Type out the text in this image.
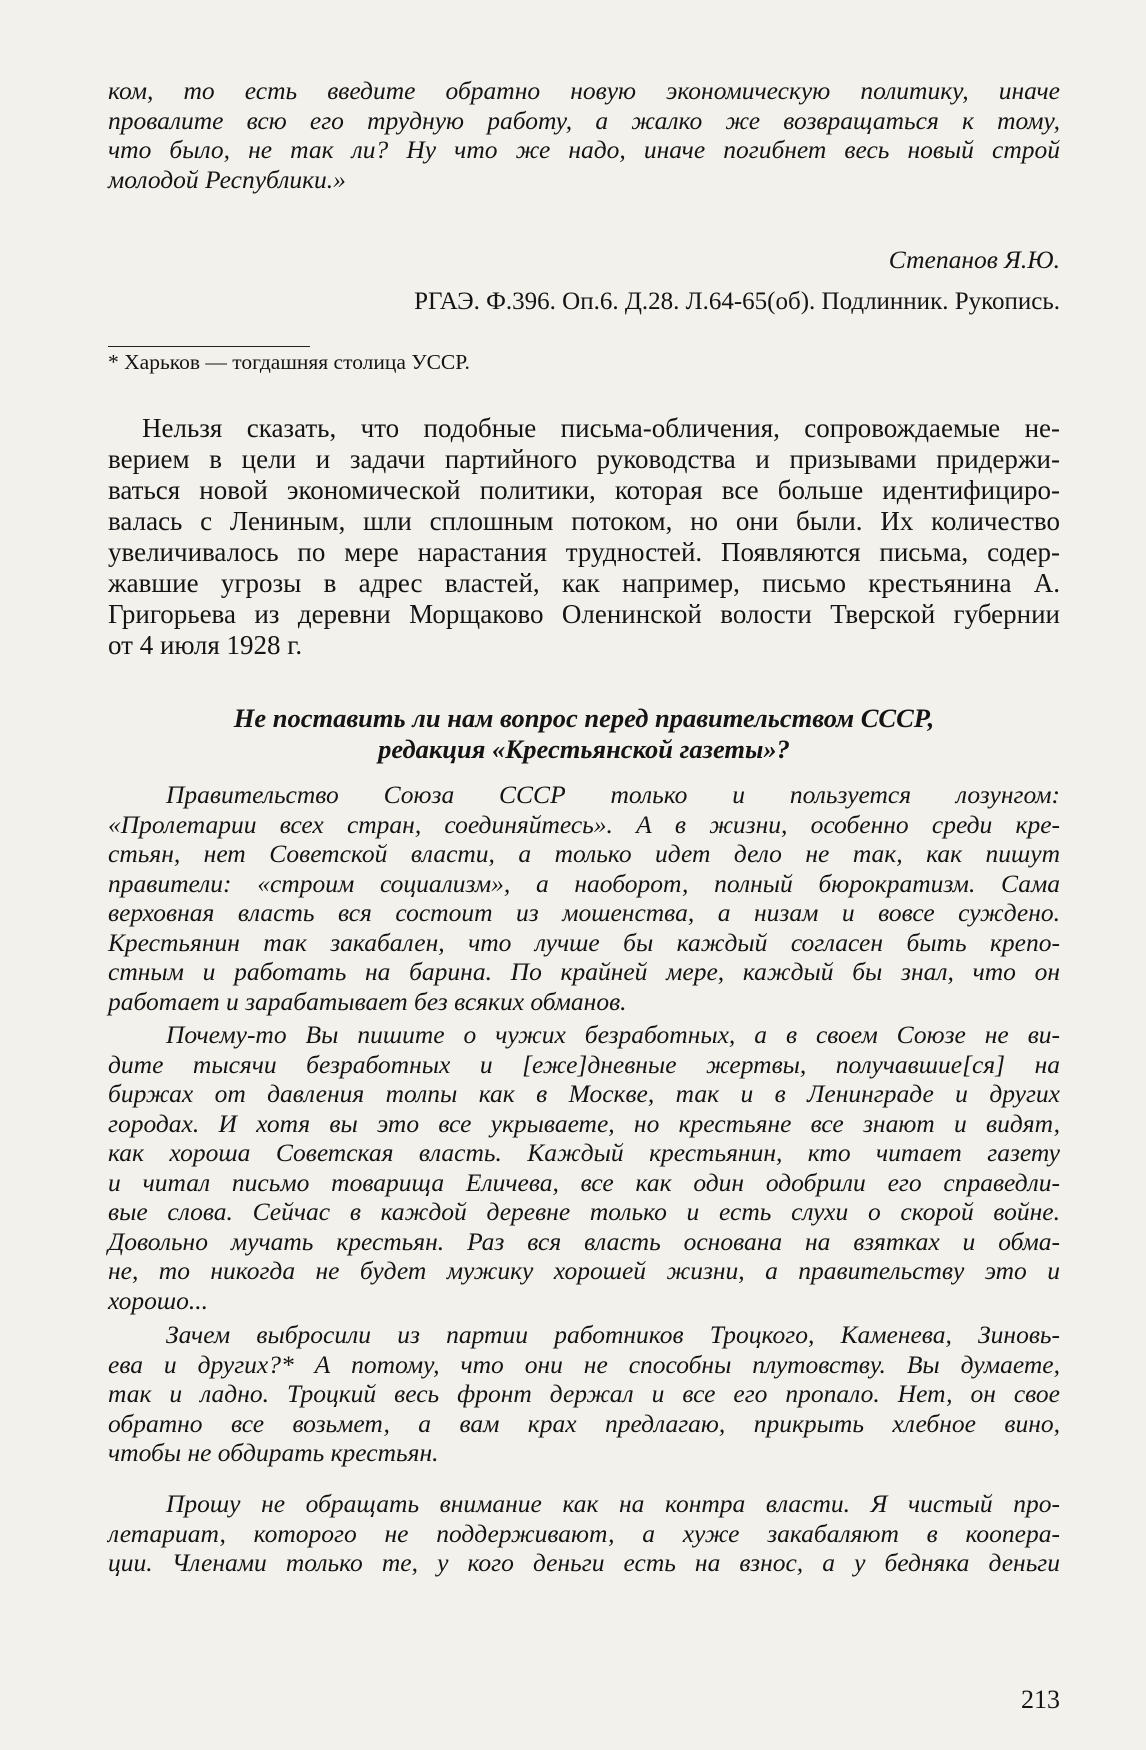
ком, то есть введите обратно новую экономическую политику, иначе
провалите всю его трудную работу, а жалко же возвращаться к тому,
что было, не так ли? Ну что же надо, иначе погибнет весь новый строй
молодой Республики.»

Степанов Я.Ю.

РГАЭ. Ф.396. Оп.6. Д.28. Л.64-65(об). Подлинник. Рукопись.

* Харьков — тогдашняя столица УССР.

Нельзя сказать, что подобные письма-обличения, сопровождаемые не-
верием в цели и задачи партийного руководства и призывами придержи-
ваться новой экономической политики, которая все больше идентифициро-
валась с Лениным, шли сплошным потоком, но они были. Их количество
увеличивалось по мере нарастания трудностей. Появляются письма, содер-
жавшие угрозы в адрес властей, как например, письмо крестьянина А.
Григорьева из деревни Морщаково Оленинской волости Тверской губернии
от 4 июля 1928 г.
Не поставить ли нам вопрос перед правительством СССР,
редакция «Крестьянской газеты»?
Правительство Союза СССР только и пользуется лозунгом:
«Пролетарии всех стран, соединяйтесь». А в жизни, особенно среди кре-
стьян, нет Советской власти, а только идет дело не так, как пишут
правители: «строим социализм», а наоборот, полный бюрократизм. Сама
верховная власть вся состоит из мошенства, а низам и вовсе суждено.
Крестьянин так закабален, что лучше бы каждый согласен быть крепо-
стным и работать на барина. По крайней мере, каждый бы знал, что он
работает и зарабатывает без всяких обманов.
Почему-то Вы пишите о чужих безработных, а в своем Союзе не ви-
дите тысячи безработных и [еже]дневные жертвы, получавшие[ся] на
биржах от давления толпы как в Москве, так и в Ленинграде и других
городах. И хотя вы это все укрываете, но крестьяне все знают и видят,
как хороша Советская власть. Каждый крестьянин, кто читает газету
и читал письмо товарища Еличева, все как один одобрили его справедли-
вые слова. Сейчас в каждой деревне только и есть слухи о скорой войне.
Довольно мучать крестьян. Раз вся власть основана на взятках и обма-
не, то никогда не будет мужику хорошей жизни, а правительству это и
хорошо...
Зачем выбросили из партии работников Троцкого, Каменева, Зиновь-
ева и других?* А потому, что они не способны плутовству. Вы думаете,
так и ладно. Троцкий весь фронт держал и все его пропало. Нет, он свое
обратно все возьмет, а вам крах предлагаю, прикрыть хлебное вино,
чтобы не обдирать крестьян.
Прошу не обращать внимание как на контра власти. Я чистый про-
летариат, которого не поддерживают, а хуже закабаляют в коопера-
ции. Членами только те, у кого деньги есть на взнос, а у бедняка деньги

213
